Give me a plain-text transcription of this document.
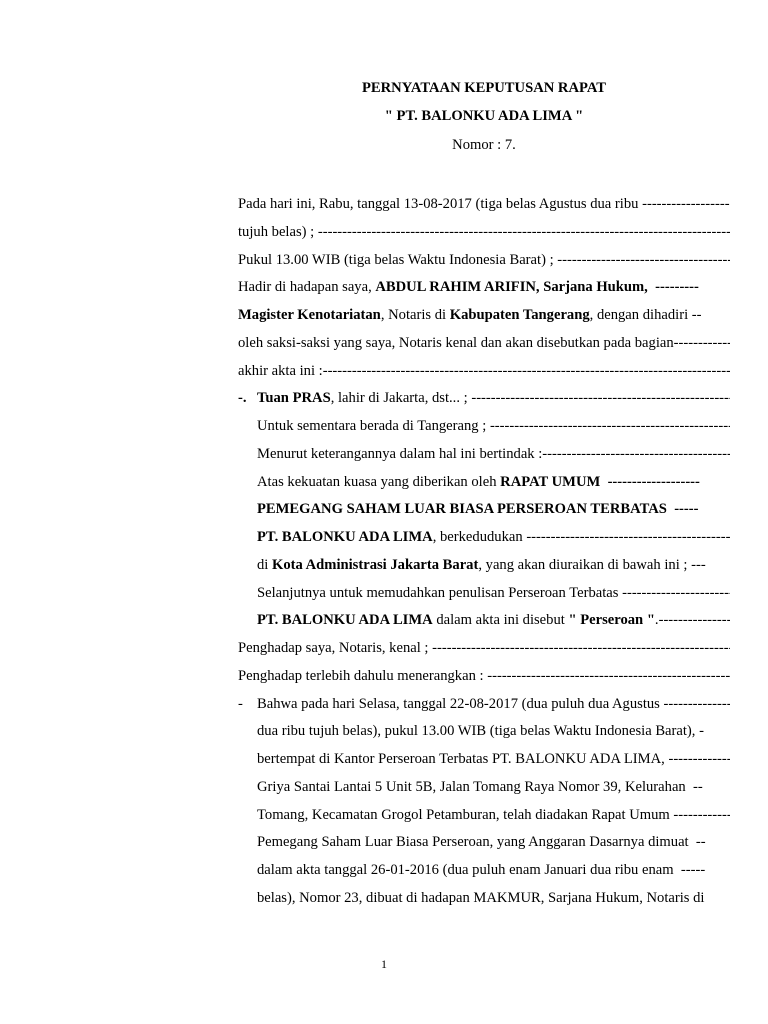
PERNYATAAN KEPUTUSAN RAPAT
" PT. BALONKU ADA LIMA "
Nomor : 7.
Pada hari ini, Rabu, tanggal 13-08-2017 (tiga belas Agustus dua ribu
-----
tujuh belas) ;
-----
Pukul 13.00 WIB (tiga belas Waktu Indonesia Barat) ;
-----
Hadir di hadapan saya, ABDUL RAHIM ARIFIN, Sarjana Hukum, ---------
Magister Kenotariatan , Notaris di Kabupaten Tangerang , dengan dihadiri --
oleh saksi-saksi yang saya, Notaris kenal dan akan disebutkan pada bagian
-----
akhir akta ini :
-----
-. Tuan PRAS , lahir di Jakarta, dst... ;
-----
Untuk sementara berada di Tangerang ;
-----
Menurut keterangannya dalam hal ini bertindak :
-----
Atas kekuatan kuasa yang diberikan oleh RAPAT UMUM  -------------------
PEMEGANG SAHAM LUAR BIASA PERSEROAN TERBATAS  -----
PT. BALONKU ADA LIMA , berkedudukan
-----
di Kota Administrasi Jakarta Barat , yang akan diuraikan di bawah ini ; ---
Selanjutnya untuk memudahkan penulisan Perseroan Terbatas
-----
PT. BALONKU ADA LIMA dalam akta ini disebut " Perseroan " .
-----
Penghadap saya, Notaris, kenal ;
-----
Penghadap terlebih dahulu menerangkan :
-----
- Bahwa pada hari Selasa, tanggal 22-08-2017 (dua puluh dua Agustus
-----
dua ribu tujuh belas), pukul 13.00 WIB (tiga belas Waktu Indonesia Barat), -
bertempat di Kantor Perseroan Terbatas PT. BALONKU ADA LIMA,
-----
Griya Santai Lantai 5 Unit 5B, Jalan Tomang Raya Nomor 39, Kelurahan  --
Tomang, Kecamatan Grogol Petamburan, telah diadakan Rapat Umum
-----
Pemegang Saham Luar Biasa Perseroan, yang Anggaran Dasarnya dimuat  --
dalam akta tanggal 26-01-2016 (dua puluh enam Januari dua ribu enam  -----
belas), Nomor 23, dibuat di hadapan MAKMUR, Sarjana Hukum, Notaris di
1
